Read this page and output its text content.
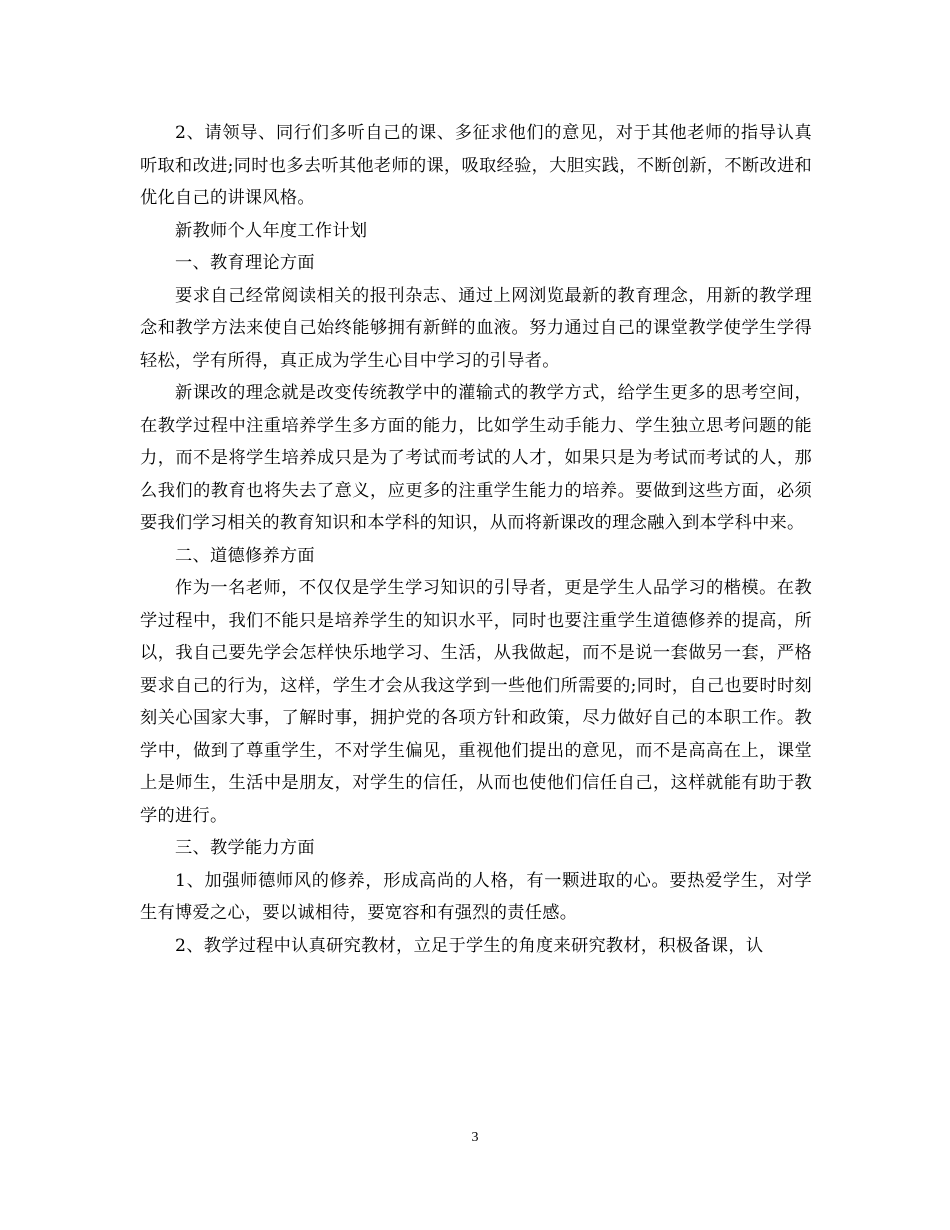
2、请领导、同行们多听自己的课、多征求他们的意见，对于其他老师的指导认真听取和改进;同时也多去听其他老师的课，吸取经验，大胆实践，不断创新，不断改进和优化自己的讲课风格。

新教师个人年度工作计划

一、教育理论方面

要求自己经常阅读相关的报刊杂志、通过上网浏览最新的教育理念，用新的教学理念和教学方法来使自己始终能够拥有新鲜的血液。努力通过自己的课堂教学使学生学得轻松，学有所得，真正成为学生心目中学习的引导者。

新课改的理念就是改变传统教学中的灌输式的教学方式，给学生更多的思考空间，在教学过程中注重培养学生多方面的能力，比如学生动手能力、学生独立思考问题的能力，而不是将学生培养成只是为了考试而考试的人才，如果只是为考试而考试的人，那么我们的教育也将失去了意义，应更多的注重学生能力的培养。要做到这些方面，必须要我们学习相关的教育知识和本学科的知识，从而将新课改的理念融入到本学科中来。

二、道德修养方面

作为一名老师，不仅仅是学生学习知识的引导者，更是学生人品学习的楷模。在教学过程中，我们不能只是培养学生的知识水平，同时也要注重学生道德修养的提高，所以，我自己要先学会怎样快乐地学习、生活，从我做起，而不是说一套做另一套，严格要求自己的行为，这样，学生才会从我这学到一些他们所需要的;同时，自己也要时时刻刻关心国家大事，了解时事，拥护党的各项方针和政策，尽力做好自己的本职工作。教学中，做到了尊重学生，不对学生偏见，重视他们提出的意见，而不是高高在上，课堂上是师生，生活中是朋友，对学生的信任，从而也使他们信任自己，这样就能有助于教学的进行。

三、教学能力方面

1、加强师德师风的修养，形成高尚的人格，有一颗进取的心。要热爱学生，对学生有博爱之心，要以诚相待，要宽容和有强烈的责任感。

2、教学过程中认真研究教材，立足于学生的角度来研究教材，积极备课，认

3
